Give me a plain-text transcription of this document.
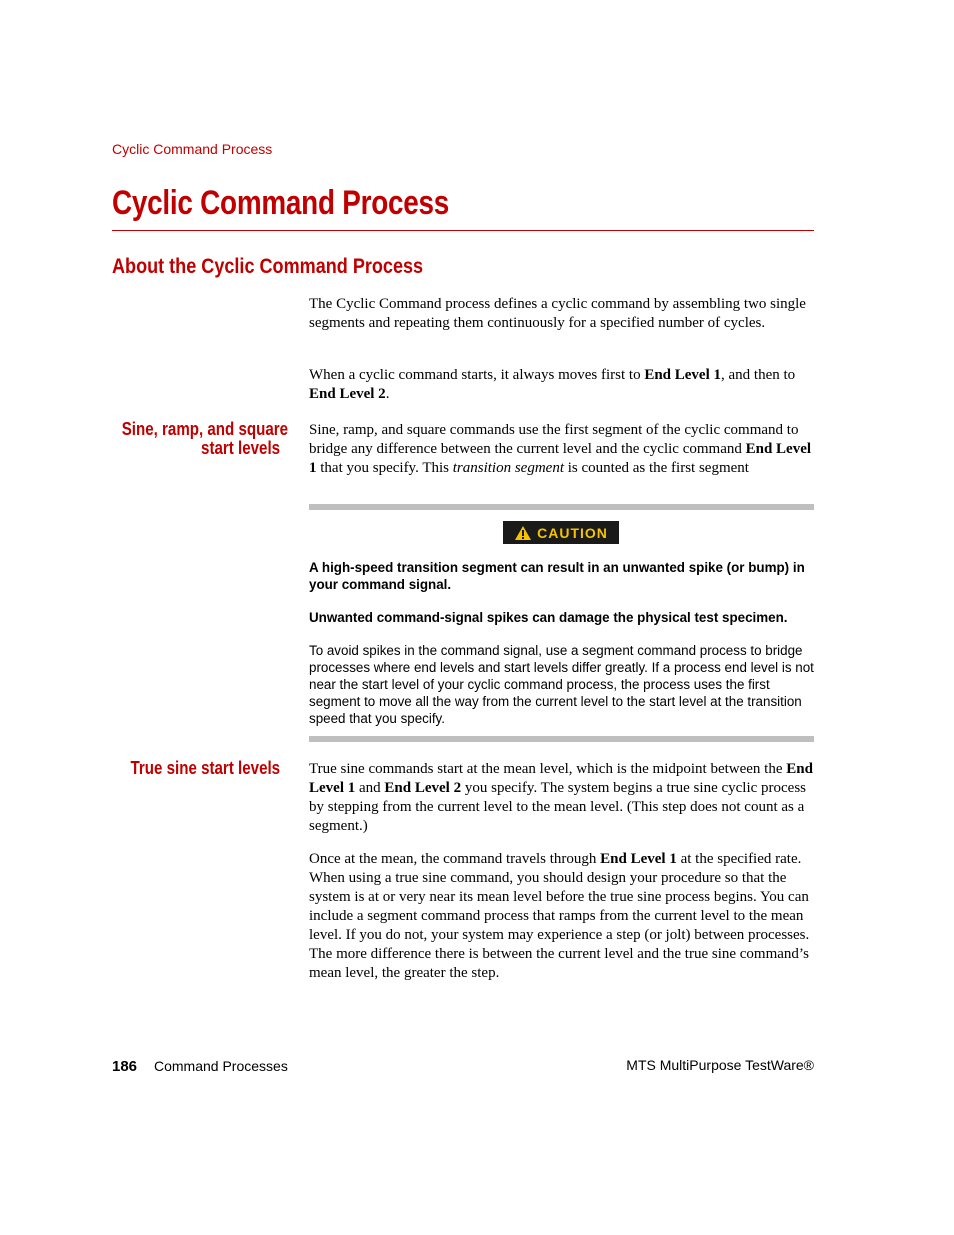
Cyclic Command Process
Cyclic Command Process
About the Cyclic Command Process

The Cyclic Command process defines a cyclic command by assembling two single segments and repeating them continuously for a specified number of cycles.

When a cyclic command starts, it always moves first to End Level 1, and then to End Level 2.

Sine, ramp, and square
start levels

Sine, ramp, and square commands use the first segment of the cyclic command to bridge any difference between the current level and the cyclic command End Level 1 that you specify. This transition segment is counted as the first segment

CAUTION

A high-speed transition segment can result in an unwanted spike (or bump) in your command signal.

Unwanted command-signal spikes can damage the physical test specimen.

To avoid spikes in the command signal, use a segment command process to bridge processes where end levels and start levels differ greatly. If a process end level is not near the start level of your cyclic command process, the process uses the first segment to move all the way from the current level to the start level at the transition speed that you specify.

True sine start levels True sine commands start at the mean level, which is the midpoint between the End Level 1 and End Level 2 you specify. The system begins a true sine cyclic process by stepping from the current level to the mean level. (This step does not count as a segment.)

Once at the mean, the command travels through End Level 1 at the specified rate. When using a true sine command, you should design your procedure so that the system is at or very near its mean level before the true sine process begins. You can include a segment command process that ramps from the current level to the mean level. If you do not, your system may experience a step (or jolt) between processes. The more difference there is between the current level and the true sine command’s mean level, the greater the step.

186 Command Processes	MTS MultiPurpose TestWare®
